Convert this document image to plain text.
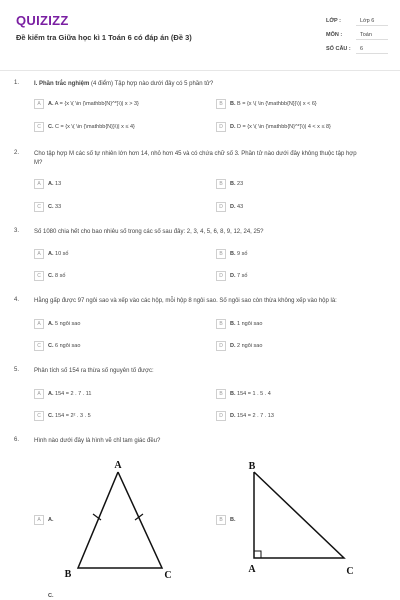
QUIZIZZ
Đề kiểm tra Giữa học kì 1 Toán 6 có đáp án (Đề 3)
LỚP :	Lớp 6
MÔN :	Toán
SỐ CÂU :	6
1. I. Phần trắc nghiệm (4 điểm) Tập hợp nào dưới đây có 5 phần tử?
A	A. A = {x \( \in {\mathbb{N}^*}\)| x > 3}	B	B. B = {x \( \in {\mathbb{N}}\)| x < 6}
C	C. C = {x \( \in {\mathbb{N}}\)| x ≤ 4}	D	D. D = {x \( \in {\mathbb{N}^*}\)| 4 < x ≤ 8}
2. Cho tập hợp M các số tự nhiên lớn hơn 14, nhỏ hơn 45 và có chứa chữ số 3. Phần tử nào dưới đây không thuộc tập hợp M?
A	A. 13	B	B. 23
C	C. 33	D	D. 43
3. Số 1080 chia hết cho bao nhiêu số trong các số sau đây: 2, 3, 4, 5, 6, 8, 9, 12, 24, 25?
A	A. 10 số	B	B. 9 số
C	C. 8 số	D	D. 7 số
4. Hằng gấp được 97 ngôi sao và xếp vào các hộp, mỗi hộp 8 ngôi sao. Số ngôi sao còn thừa không xếp vào hộp là:
A	A. 5 ngôi sao	B	B. 1 ngôi sao
C	C. 6 ngôi sao	D	D. 2 ngôi sao
5. Phân tích số 154 ra thừa số nguyên tố được:
A	A. 154 = 2 . 7 . 11	B	B. 154 = 1 . 5 . 4
C	C. 154 = 2² . 3 . 5	D	D. 154 = 2 . 7 . 13
6. Hình nào dưới đây là hình vẽ chỉ tam giác đều?
A
B	C
B
A	C
A	A.	B	B.
C.
